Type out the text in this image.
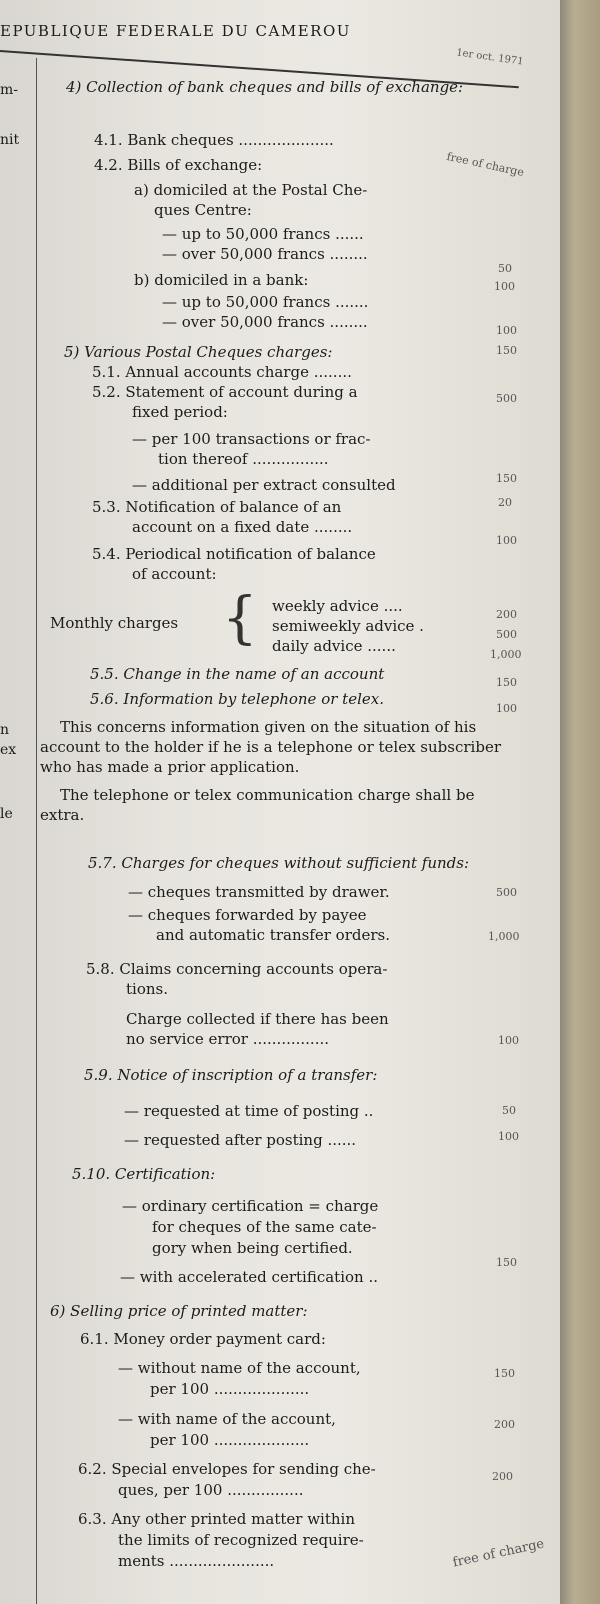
EPUBLIQUE FEDERALE DU CAMEROU
1er oct. 1971
m-
nit
n
ex
le
4) Collection of bank cheques and bills of exchange:
4.1. Bank cheques ....................
4.2. Bills of exchange:
a) domiciled at the Postal Che-
ques Centre:
— up to 50,000 francs ......
— over 50,000 francs ........
b) domiciled in a bank:
— up to 50,000 francs .......
— over 50,000 francs ........
5) Various Postal Cheques charges:
5.1. Annual accounts charge ........
5.2. Statement of account during a
fixed period:
— per 100 transactions or frac-
tion thereof ................
— additional per extract consulted
5.3. Notification of balance of an
account on a fixed date ........
5.4. Periodical notification of balance
of account:
Monthly charges { weekly advice ....
semiweekly advice .
daily advice ......
5.5. Change in the name of an account
5.6. Information by telephone or telex.
This concerns information given on the situation of his
account to the holder if he is a telephone or telex subscriber
who has made a prior application.
The telephone or telex communication charge shall be
extra.
5.7. Charges for cheques without sufficient funds:
— cheques transmitted by drawer.
— cheques forwarded by payee
and automatic transfer orders.
5.8. Claims concerning accounts opera-
tions.
Charge collected if there has been
no service error ................
5.9. Notice of inscription of a transfer:
— requested at time of posting ..
— requested after posting ......
5.10. Certification:
— ordinary certification = charge
for cheques of the same cate-
gory when being certified.
— with accelerated certification ..
6) Selling price of printed matter:
6.1. Money order payment card:
— without name of the account,
per 100 ....................
— with name of the account,
per 100 ....................
6.2. Special envelopes for sending che-
ques, per 100 ................
6.3. Any other printed matter within
the limits of recognized require-
ments ......................
free of charge
50
100
100
150
500
150
20
100
200
500
1,000
150
100
500
1,000
100
50
100
150
150
200
200
free of charge
